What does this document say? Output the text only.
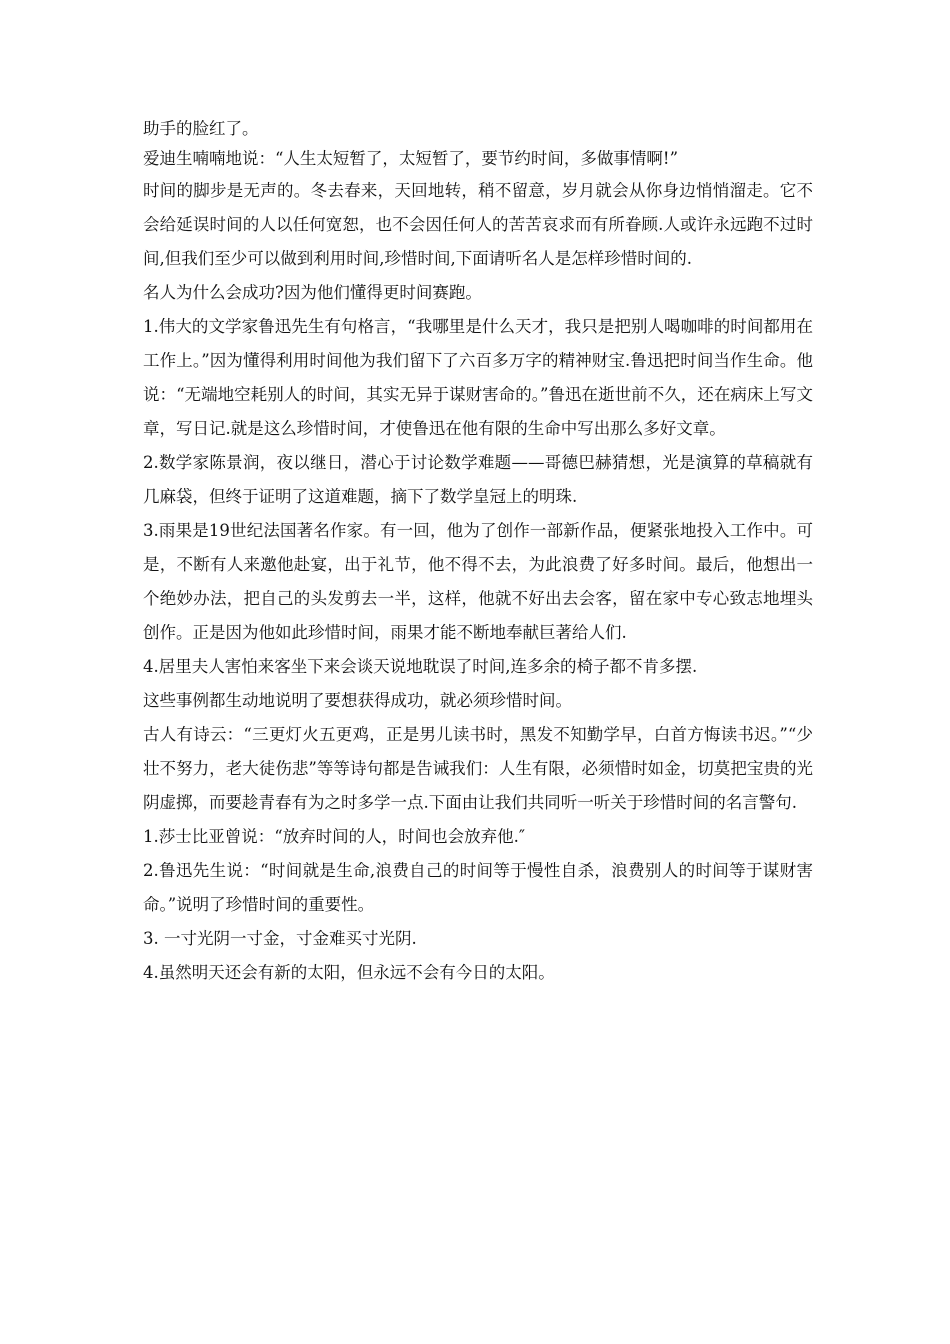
助手的脸红了。

爱迪生喃喃地说：“人生太短暂了，太短暂了，要节约时间，多做事情啊!”

时间的脚步是无声的。冬去春来，天回地转，稍不留意，岁月就会从你身边悄悄溜走。它不会给延误时间的人以任何宽恕，也不会因任何人的苦苦哀求而有所眷顾.人或许永远跑不过时间,但我们至少可以做到利用时间,珍惜时间,下面请听名人是怎样珍惜时间的.

名人为什么会成功?因为他们懂得更时间赛跑。

1.伟大的文学家鲁迅先生有句格言，“我哪里是什么天才，我只是把别人喝咖啡的时间都用在工作上。”因为懂得利用时间他为我们留下了六百多万字的精神财宝.鲁迅把时间当作生命。他说：“无端地空耗别人的时间，其实无异于谋财害命的。”鲁迅在逝世前不久，还在病床上写文章，写日记.就是这么珍惜时间，才使鲁迅在他有限的生命中写出那么多好文章。

2.数学家陈景润，夜以继日，潜心于讨论数学难题——哥德巴赫猜想，光是演算的草稿就有几麻袋，但终于证明了这道难题，摘下了数学皇冠上的明珠.

3.雨果是19世纪法国著名作家。有一回，他为了创作一部新作品，便紧张地投入工作中。可是，不断有人来邀他赴宴，出于礼节，他不得不去，为此浪费了好多时间。最后，他想出一个绝妙办法，把自己的头发剪去一半，这样，他就不好出去会客，留在家中专心致志地埋头创作。正是因为他如此珍惜时间，雨果才能不断地奉献巨著给人们.

4.居里夫人害怕来客坐下来会谈天说地耽误了时间,连多余的椅子都不肯多摆.

这些事例都生动地说明了要想获得成功，就必须珍惜时间。

古人有诗云：“三更灯火五更鸡，正是男儿读书时，黑发不知勤学早，白首方悔读书迟。”“少壮不努力，老大徒伤悲”等等诗句都是告诫我们：人生有限，必须惜时如金，切莫把宝贵的光阴虚掷，而要趁青春有为之时多学一点.下面由让我们共同听一听关于珍惜时间的名言警句.

1.莎士比亚曾说：“放弃时间的人，时间也会放弃他.″

2.鲁迅先生说：“时间就是生命,浪费自己的时间等于慢性自杀，浪费别人的时间等于谋财害命。”说明了珍惜时间的重要性。

3. 一寸光阴一寸金，寸金难买寸光阴.

4.虽然明天还会有新的太阳，但永远不会有今日的太阳。
